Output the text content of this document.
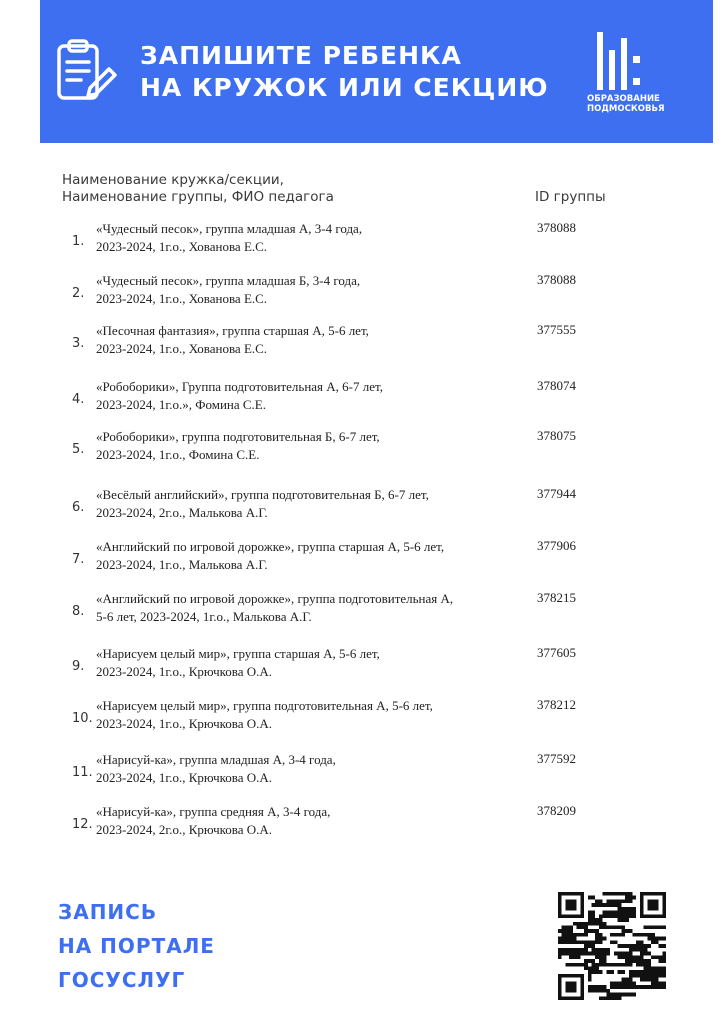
ЗАПИШИТЕ РЕБЕНКА
НА КРУЖОК ИЛИ СЕКЦИЮ	ОБРАЗОВАНИЕ
ПОДМОСКОВЬЯ
Наименование кружка/секции,
Наименование группы, ФИО педагога	ID группы
1.
«Чудесный песок», группа младшая А, 3-4 года,
2023-2024, 1г.о., Хованова Е.С.
378088
2.
«Чудесный песок», группа младшая Б, 3-4 года,
2023-2024, 1г.о., Хованова Е.С.
378088
3.
«Песочная фантазия», группа старшая А, 5-6 лет,
2023-2024, 1г.о., Хованова Е.С.
377555
4.
«Робоборики», Группа подготовительная А, 6-7 лет,
2023-2024, 1г.о.», Фомина С.Е.
378074
5.
«Робоборики», группа подготовительная Б, 6-7 лет,
2023-2024, 1г.о., Фомина С.Е.
378075
6.
«Весёлый английский», группа подготовительная Б, 6-7 лет,
2023-2024, 2г.о., Малькова А.Г.
377944
7.
«Английский по игровой дорожке», группа старшая А, 5-6 лет,
2023-2024, 1г.о., Малькова А.Г.
377906
8.
«Английский по игровой дорожке», группа подготовительная А,
5-6 лет, 2023-2024, 1г.о., Малькова А.Г.
378215
9.
«Нарисуем целый мир», группа старшая А, 5-6 лет,
2023-2024, 1г.о., Крючкова О.А.
377605
10.
«Нарисуем целый мир», группа подготовительная А, 5-6 лет,
2023-2024, 1г.о., Крючкова О.А.
378212
11.
«Нарисуй-ка», группа младшая А, 3-4 года,
2023-2024, 1г.о., Крючкова О.А.
377592
12.
«Нарисуй-ка», группа средняя А, 3-4 года,
2023-2024, 2г.о., Крючкова О.А.
378209
ЗАПИСЬ
НА ПОРТАЛЕ
ГОСУСЛУГ
